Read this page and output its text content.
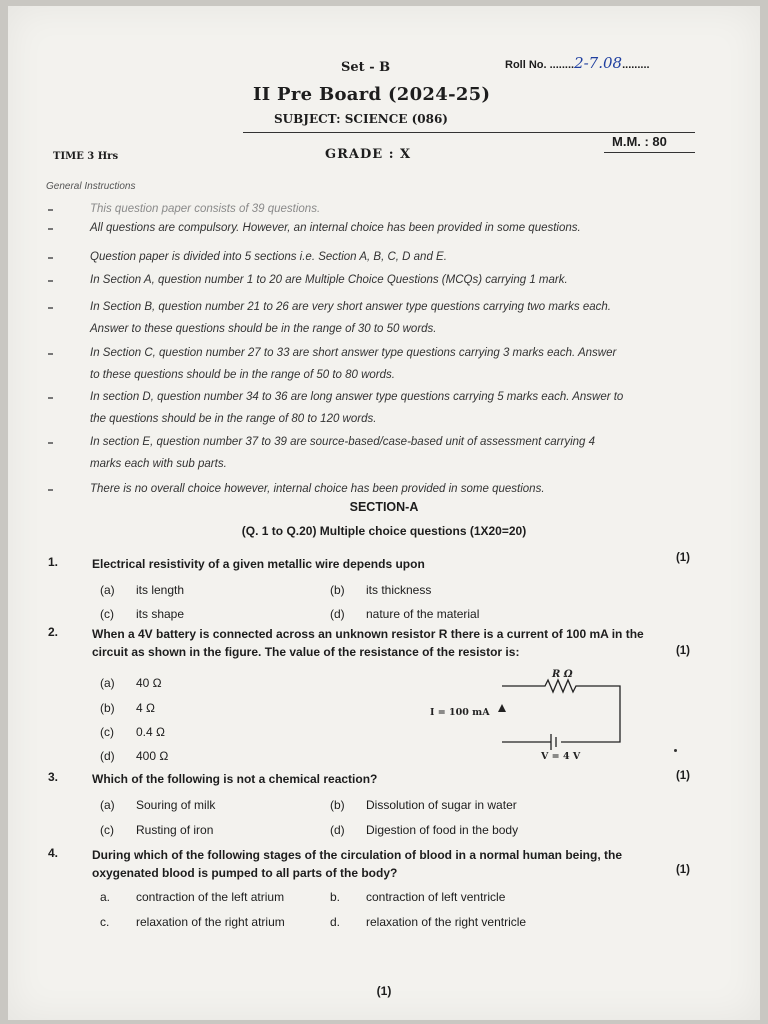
Set - B	Roll No. ........2-7.08.........
II Pre Board (2024-25)
SUBJECT: SCIENCE (086)
TIME 3 Hrs	GRADE : X
M.M. : 80
General Instructions
This question paper consists of 39 questions.
All questions are compulsory. However, an internal choice has been provided in some questions.
Question paper is divided into 5 sections i.e. Section A, B, C, D and E.
In Section A, question number 1 to 20 are Multiple Choice Questions (MCQs) carrying 1 mark.
In Section B, question number 21 to 26 are very short answer type questions carrying two marks each.
Answer to these questions should be in the range of 30 to 50 words.
In Section C, question number 27 to 33 are short answer type questions carrying 3 marks each. Answer
to these questions should be in the range of 50 to 80 words.
In section D, question number 34 to 36 are long answer type questions carrying 5 marks each. Answer to
the questions should be in the range of 80 to 120 words.
In section E, question number 37 to 39 are source-based/case-based unit of assessment carrying 4
marks each with sub parts.
There is no overall choice however, internal choice has been provided in some questions.
SECTION-A
(Q. 1 to Q.20) Multiple choice questions (1X20=20)
1.	Electrical resistivity of a given metallic wire depends upon	(1)
(a) its length	(b) its thickness
(c) its shape	(d) nature of the material
2.	When a 4V battery is connected across an unknown resistor R there is a current of 100 mA in the
circuit as shown in the figure. The value of the resistance of the resistor is:	(1)
(a) 40 Ω
(b) 4 Ω
(c) 0.4 Ω
(d) 400 Ω
3.	Which of the following is not a chemical reaction?	(1)
(a) Souring of milk	(b) Dissolution of sugar in water
(c) Rusting of iron	(d) Digestion of food in the body
4.	During which of the following stages of the circulation of blood in a normal human being, the
oxygenated blood is pumped to all parts of the body?	(1)
a. contraction of the left atrium	b. contraction of left ventricle
c. relaxation of the right atrium	d. relaxation of the right ventricle
R Ω
I = 100 mA
V = 4 V
(1)
